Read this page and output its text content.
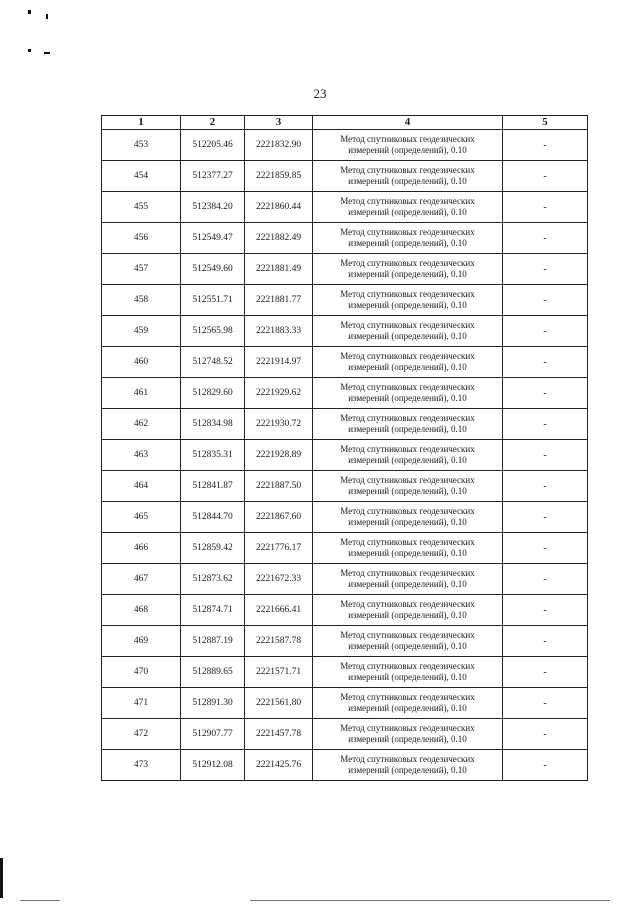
23
1	2	3	4	5
453	512205.46	2221832.90	Метод спутниковых геодезических
измерений (определений), 0.10	-
454	512377.27	2221859.85	Метод спутниковых геодезических
измерений (определений), 0.10	-
455	512384.20	2221860.44	Метод спутниковых геодезических
измерений (определений), 0.10	-
456	512549.47	2221882.49	Метод спутниковых геодезических
измерений (определений), 0.10	-
457	512549.60	2221881.49	Метод спутниковых геодезических
измерений (определений), 0.10	-
458	512551.71	2221881.77	Метод спутниковых геодезических
измерений (определений), 0.10	-
459	512565.98	2221883.33	Метод спутниковых геодезических
измерений (определений), 0.10	-
460	512748.52	2221914.97	Метод спутниковых геодезических
измерений (определений), 0.10	-
461	512829.60	2221929.62	Метод спутниковых геодезических
измерений (определений), 0.10	-
462	512834.98	2221930.72	Метод спутниковых геодезических
измерений (определений), 0.10	-
463	512835.31	2221928.89	Метод спутниковых геодезических
измерений (определений), 0.10	-
464	512841.87	2221887.50	Метод спутниковых геодезических
измерений (определений), 0.10	-
465	512844.70	2221867.60	Метод спутниковых геодезических
измерений (определений), 0.10	-
466	512859.42	2221776.17	Метод спутниковых геодезических
измерений (определений), 0.10	-
467	512873.62	2221672.33	Метод спутниковых геодезических
измерений (определений), 0.10	-
468	512874.71	2221666.41	Метод спутниковых геодезических
измерений (определений), 0.10	-
469	512887.19	2221587.78	Метод спутниковых геодезических
измерений (определений), 0.10	-
470	512889.65	2221571.71	Метод спутниковых геодезических
измерений (определений), 0.10	-
471	512891.30	2221561.80	Метод спутниковых геодезических
измерений (определений), 0.10	-
472	512907.77	2221457.78	Метод спутниковых геодезических
измерений (определений), 0.10	-
473	512912.08	2221425.76	Метод спутниковых геодезических
измерений (определений), 0.10	-
